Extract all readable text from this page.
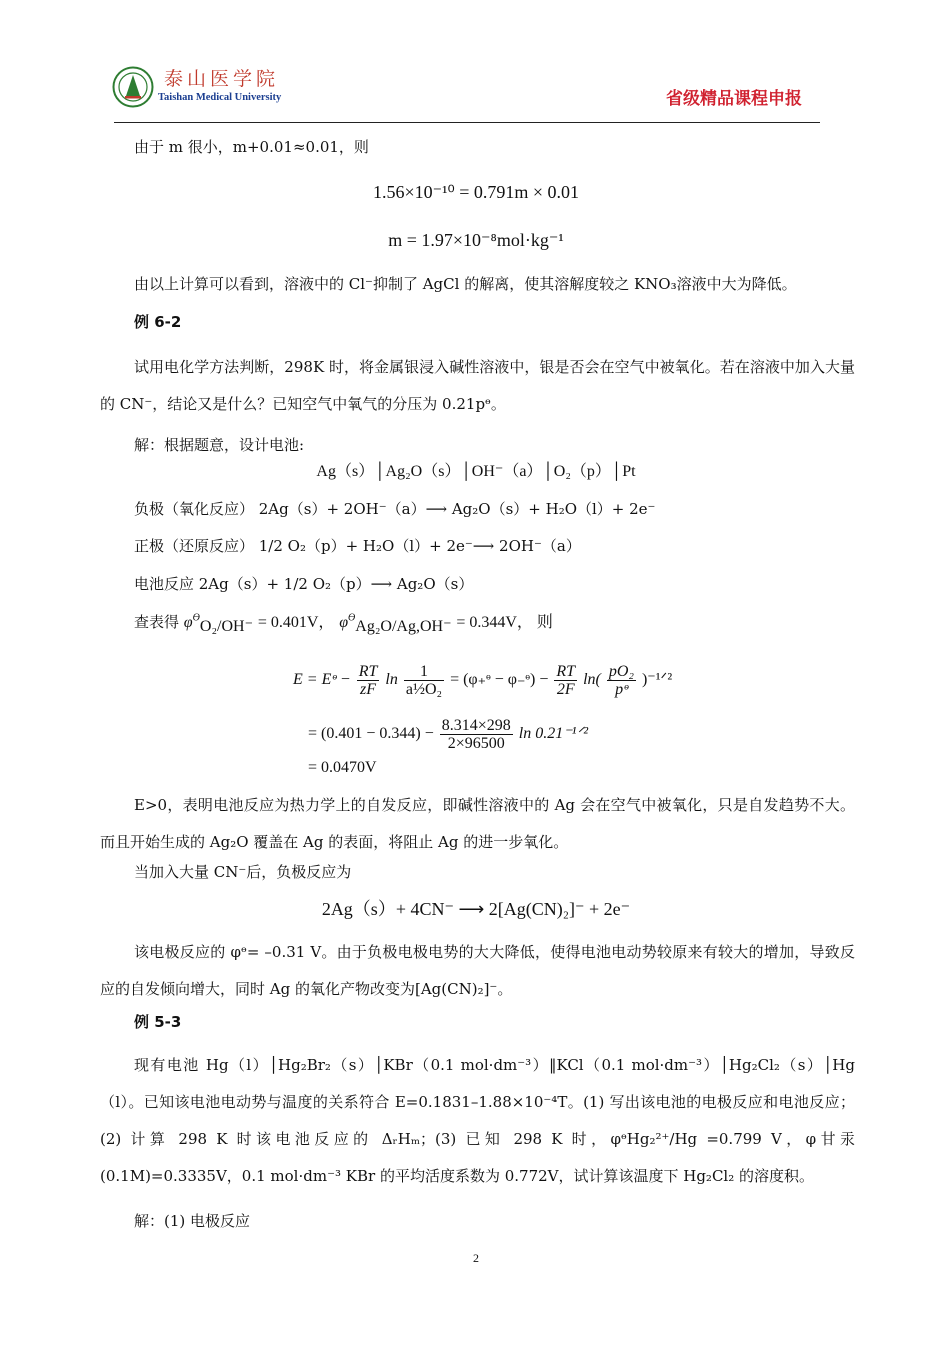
泰山医学院
Taishan Medical University	省级精品课程申报
由于 m 很小，m+0.01≈0.01，则
1.56×10⁻¹⁰ = 0.791m × 0.01
m = 1.97×10⁻⁸mol·kg⁻¹
由以上计算可以看到，溶液中的 Cl⁻抑制了 AgCl 的解离，使其溶解度较之 KNO₃溶液中大为降低。
例 6-2
试用电化学方法判断，298K 时，将金属银浸入碱性溶液中，银是否会在空气中被氧化。若在溶液中加入大量的 CN⁻，结论又是什么？已知空气中氧气的分压为 0.21pᶱ。
解：根据题意，设计电池:
Ag（s）│Ag₂O（s）│OH⁻（a）│O₂（p）│Pt
负极（氧化反应） 2Ag（s）+ 2OH⁻（a）⟶ Ag₂O（s）+ H₂O（l）+ 2e⁻
正极（还原反应） 1/2 O₂（p）+ H₂O（l）+ 2e⁻⟶ 2OH⁻（a）
电池反应 2Ag（s）+ 1/2 O₂（p）⟶ Ag₂O（s）
查表得 $\varphi^ϴ_{O_2/OH^-} = 0.401V$， $\varphi^ϴ_{Ag_2O/Ag,OH^-} = 0.344V$， 则
E = Eᶱ − $\frac{RT}{zF}$ $\ln \frac{1}{\text{a½O₂}}$ = (φ₊ᶱ − φ₋ᶱ) − $\frac{RT}{2F} \ln( \frac{\text{pO₂}}{\text{pᶱ}}$ )⁻¹ᐟ²
= $(0.401 - 0.344) - \frac{8.314\times 298}{2\times 96500}$ ln 0.21⁻¹ᐟ²
= 0.0470V
E>0，表明电池反应为热力学上的自发反应，即碱性溶液中的 Ag 会在空气中被氧化，只是自发趋势不大。而且开始生成的 Ag₂O 覆盖在 Ag 的表面，将阻止 Ag 的进一步氧化。
当加入大量 CN⁻后，负极反应为
2Ag（s）+ 4CN⁻ ⟶ 2[Ag(CN)₂]⁻ + 2e⁻
该电极反应的 φᶱ= –0.31 V。由于负极电极电势的大大降低，使得电池电动势较原来有较大的增加，导致反应的自发倾向增大，同时 Ag 的氧化产物改变为[Ag(CN)₂]⁻。
例 5-3
现有电池 Hg（l）│Hg₂Br₂（s）│KBr（0.1 mol·dm⁻³）‖KCl（0.1 mol·dm⁻³）│Hg₂Cl₂（s）│Hg（l）。已知该电池电动势与温度的关系符合 E=0.1831–1.88×10⁻⁴T。(1) 写出该电池的电极反应和电池反应；(2) 计算 298 K 时该电池反应的 ΔᵣHₘ；(3) 已知 298 K 时，φᶱHg₂²⁺/Hg =0.799 V，φ甘汞(0.1M)=0.3335V，0.1 mol·dm⁻³ KBr 的平均活度系数为 0.772V，试计算该温度下 Hg₂Cl₂ 的溶度积。
解：(1) 电极反应
2
